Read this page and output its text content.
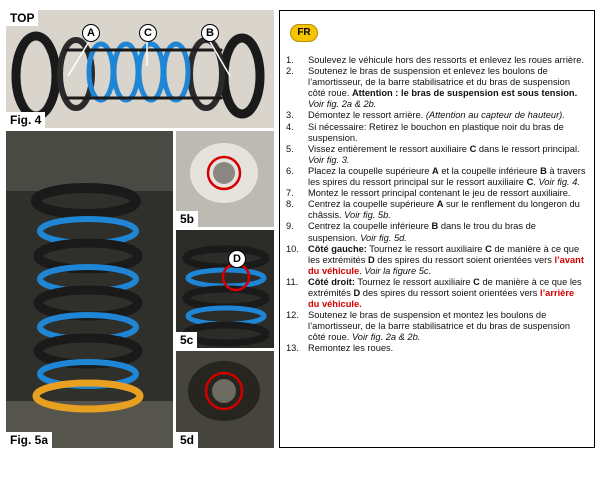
TOP
A	C	B
Fig. 4
Fig. 5a
5b
D
5c
5d
FR
1.	Soulevez le véhicule hors des ressorts et enlevez les roues arrière.
2.	Soutenez le bras de suspension et enlevez les boulons de l’amortisseur, de la barre stabilisatrice et du bras de suspension côté roue. Attention : le bras de suspension est sous tension. Voir fig. 2a & 2b.
3.	Démontez le ressort arrière. (Attention au capteur de hauteur).
4.	Si nécessaire: Retirez le bouchon en plastique noir du bras de suspension.
5.	Vissez entièrement le ressort auxiliaire C dans le ressort principal. Voir fig. 3.
6.	Placez la coupelle supérieure A et la coupelle inférieure B à travers les spires du ressort principal sur le ressort auxiliaire C. Voir fig. 4.
7.	Montez le ressort principal contenant le jeu de ressort auxiliaire.
8.	Centrez la coupelle supérieure A sur le renflement du longeron du châssis. Voir fig. 5b.
9.	Centrez la coupelle inférieure B dans le trou du bras de suspension. Voir fig. 5d.
10. Côté gauche: Tournez le ressort auxiliaire C de manière à ce que les extrémités D des spires du ressort soient orientées vers l’avant du véhicule. Voir la figure 5c.
11.	Côté droit: Tournez le ressort auxiliaire C de manière à ce que les extrémités D des spires du ressort soient orientées vers l’arrière du véhicule.
12. Soutenez le bras de suspension et montez les boulons de l’amortisseur, de la barre stabilisatrice et du bras de suspension côté roue. Voir fig. 2a & 2b.
13. Remontez les roues.
